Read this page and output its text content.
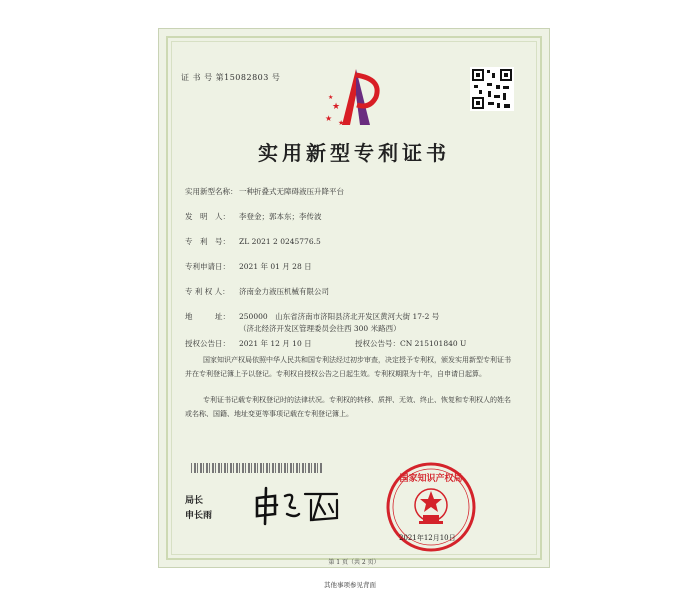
证 书 号 第15082803 号
★
★ ★
★
实用新型专利证书
实用新型名称： 一种折叠式无障碍液压升降平台
发　明　人： 李登金；郭本东；李传波
专　利　号： ZL 2021 2 0245776.5
专利申请日： 2021 年 01 月 28 日
专 利 权 人： 济南金力液压机械有限公司
地　　　址： 250000　山东省济南市济阳县济北开发区黄河大街 17-2 号
（济北经济开发区管理委员会往西 300 米路西）
授权公告日： 2021 年 12 月 10 日	授权公告号：CN 215101840 U
国家知识产权局依照中华人民共和国专利法经过初步审查，决定授予专利权，颁发实用新型专利证书并在专利登记簿上予以登记。专利权自授权公告之日起生效。专利权期限为十年，自申请日起算。
专利证书记载专利权登记时的法律状况。专利权的转移、质押、无效、终止、恢复和专利权人的姓名或名称、国籍、地址变更等事项记载在专利登记簿上。
局长
申长雨
国家知识产权局
2021年12月10日
第 1 页（共 2 页）
其他事项参见背面
